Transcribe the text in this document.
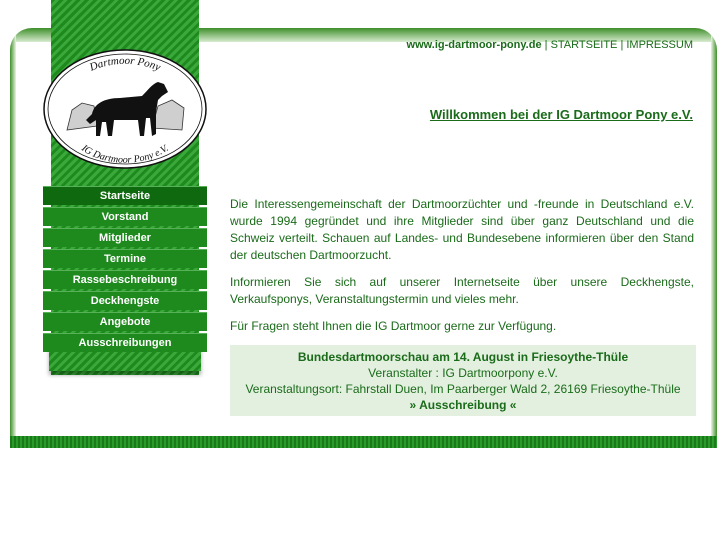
Dartmoor Pony
IG Dartmoor Pony e.V.
Startseite
Vorstand
Mitglieder
Termine
Rassebeschreibung
Deckhengste
Angebote
Ausschreibungen
www.ig-dartmoor-pony.de | STARTSEITE | IMPRESSUM
Willkommen bei der IG Dartmoor Pony e.V.

Die Interessengemeinschaft der Dartmoorzüchter und -freunde in Deutschland e.V. wurde 1994 gegründet und ihre Mitglieder sind über ganz Deutschland und die Schweiz verteilt. Schauen auf Landes- und Bundesebene informieren über den Stand der deutschen Dartmoorzucht.

Informieren Sie sich auf unserer Internetseite über unsere Deckhengste, Verkaufsponys, Veranstaltungstermin und vieles mehr.

Für Fragen steht Ihnen die IG Dartmoor gerne zur Verfügung.

Bundesdartmoorschau am 14. August in Friesoythe-Thüle
Veranstalter : IG Dartmoorpony e.V.
Veranstaltungsort: Fahrstall Duen, Im Paarberger Wald 2, 26169 Friesoythe-Thüle
» Ausschreibung «
